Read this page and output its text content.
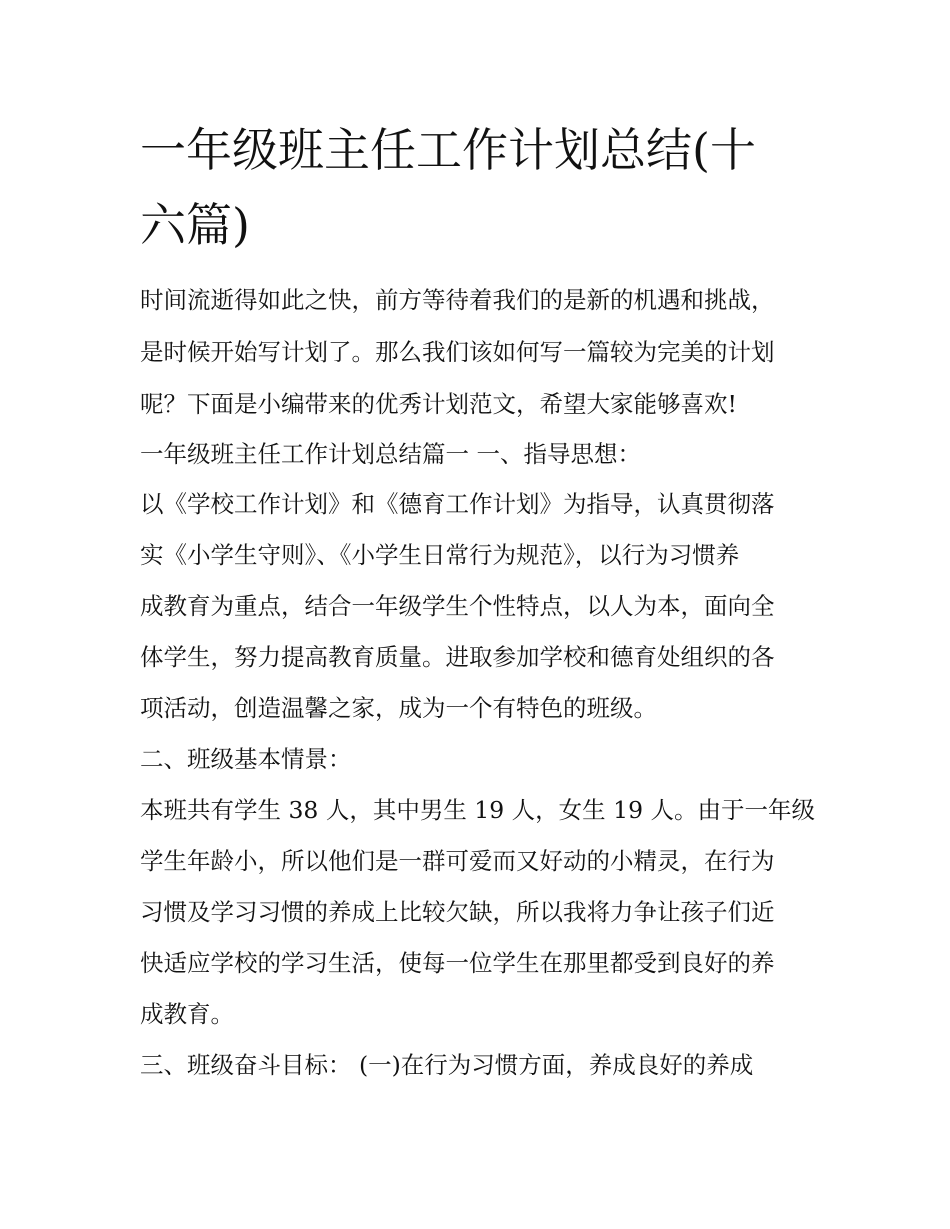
一年级班主任工作计划总结(十
六篇)
时间流逝得如此之快，前方等待着我们的是新的机遇和挑战，
是时候开始写计划了。那么我们该如何写一篇较为完美的计划
呢？下面是小编带来的优秀计划范文，希望大家能够喜欢!
一年级班主任工作计划总结篇一 一、指导思想：
以《学校工作计划》和《德育工作计划》为指导，认真贯彻落
实《小学生守则》、《小学生日常行为规范》，以行为习惯养
成教育为重点，结合一年级学生个性特点，以人为本，面向全
体学生，努力提高教育质量。进取参加学校和德育处组织的各
项活动，创造温馨之家，成为一个有特色的班级。
二、班级基本情景：
本班共有学生 38 人，其中男生 19 人，女生 19 人。由于一年级
学生年龄小，所以他们是一群可爱而又好动的小精灵，在行为
习惯及学习习惯的养成上比较欠缺，所以我将力争让孩子们近
快适应学校的学习生活，使每一位学生在那里都受到良好的养
成教育。
三、班级奋斗目标： (一)在行为习惯方面，养成良好的养成
